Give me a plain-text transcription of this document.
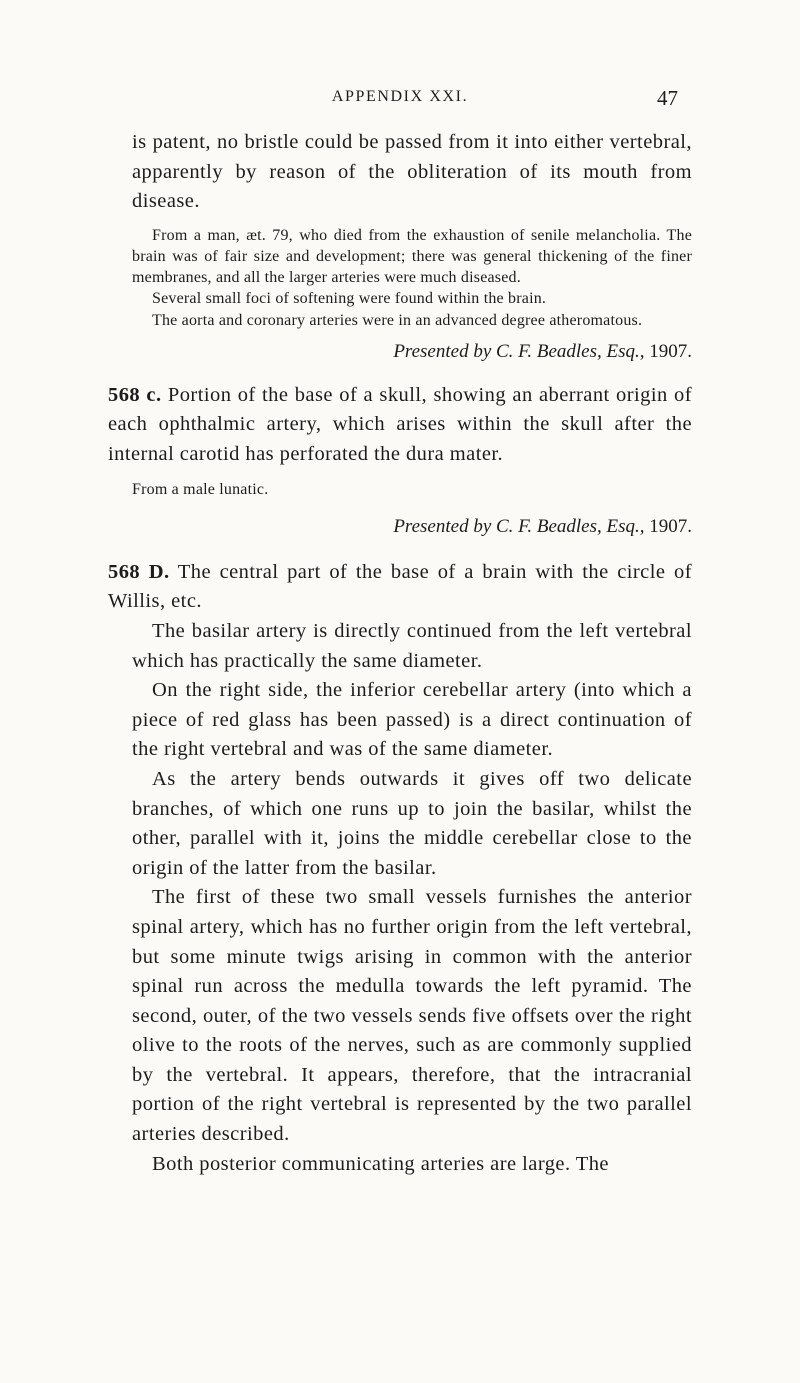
APPENDIX XXI.	47

is patent, no bristle could be passed from it into either vertebral, apparently by reason of the obliteration of its mouth from disease.

From a man, æt. 79, who died from the exhaustion of senile melancholia. The brain was of fair size and development; there was general thickening of the finer membranes, and all the larger arteries were much diseased.

Several small foci of softening were found within the brain.

The aorta and coronary arteries were in an advanced degree atheromatous.

Presented by C. F. Beadles, Esq., 1907.

568 c. Portion of the base of a skull, showing an aberrant origin of each ophthalmic artery, which arises within the skull after the internal carotid has perforated the dura mater.

From a male lunatic.

Presented by C. F. Beadles, Esq., 1907.

568 D. The central part of the base of a brain with the circle of Willis, etc.

The basilar artery is directly continued from the left vertebral which has practically the same diameter.

On the right side, the inferior cerebellar artery (into which a piece of red glass has been passed) is a direct continuation of the right vertebral and was of the same diameter.

As the artery bends outwards it gives off two delicate branches, of which one runs up to join the basilar, whilst the other, parallel with it, joins the middle cerebellar close to the origin of the latter from the basilar.

The first of these two small vessels furnishes the anterior spinal artery, which has no further origin from the left vertebral, but some minute twigs arising in common with the anterior spinal run across the medulla towards the left pyramid. The second, outer, of the two vessels sends five offsets over the right olive to the roots of the nerves, such as are commonly supplied by the vertebral. It appears, therefore, that the intracranial portion of the right vertebral is represented by the two parallel arteries described.

Both posterior communicating arteries are large. The
